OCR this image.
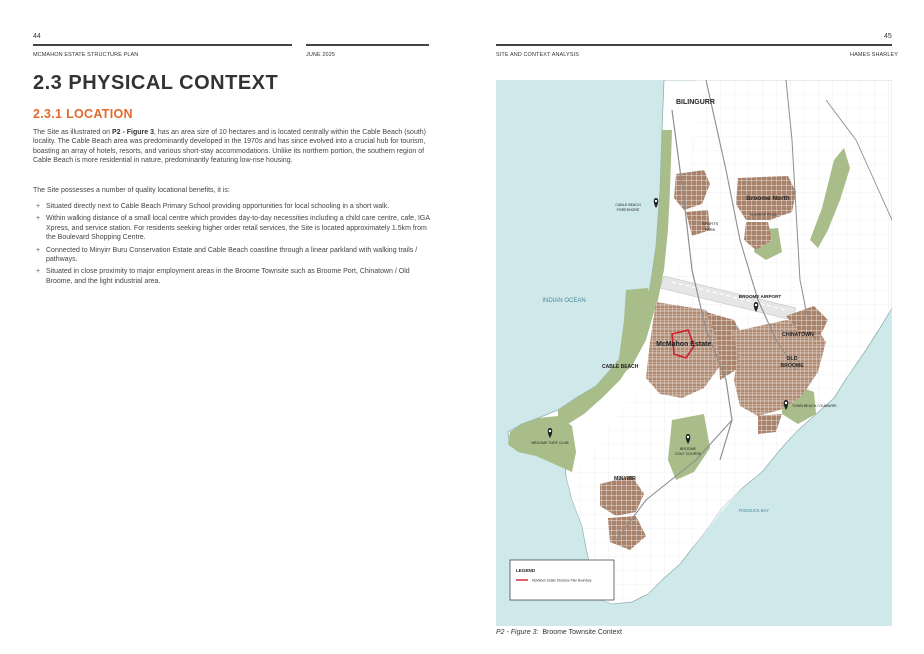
44
MCMAHON ESTATE STRUCTURE PLAN	JUNE 2025
45
SITE AND CONTEXT ANALYSIS	HAMES SHARLEY
2.3 PHYSICAL CONTEXT
2.3.1 LOCATION
The Site as illustrated on P2 - Figure 3, has an area size of 10 hectares and is located centrally within the Cable Beach (south) locality. The Cable Beach area was predominantly developed in the 1970s and has since evolved into a crucial hub for tourism, boasting an array of hotels, resorts, and various short-stay accommodations. Unlike its northern portion, the southern region of Cable Beach is more residential in nature, predominantly featuring low-rise housing.
The Site possesses a number of quality locational benefits, it is:
+ Situated directly next to Cable Beach Primary School providing opportunities for local schooling in a short walk.
+ Within walking distance of a small local centre which provides day-to-day necessities including a child care centre, cafe, IGA Xpress, and service station. For residents seeking higher order retail services, the Site is located approximately 1.5km from the Boulevard Shopping Centre.
+ Connected to Minyirr Buru Conservation Estate and Cable Beach coastline through a linear parkland with walking trails / pathways.
+ Situated in close proximity to major employment areas in the Broome Townsite such as Broome Port, Chinatown / Old Broome, and the light industrial area.
BILINGURR
CABLE BEACH
FORESHORE
Broome North
SUNRISE ROAD
SPORTS
PARK
INDIAN OCEAN
BROOME AIRPORT
CHINATOWN
McMahon Estate
OLD
BROOME
CABLE BEACH
TOWN BEACH / GUWARRI
BROOME TURF CLUB
BROOME
GOLF COURSE
MINYIRR
ROEBUCK BAY
LEGEND
McMahon Estate Structure Plan Boundary
P2 - Figure 3: Broome Townsite Context
